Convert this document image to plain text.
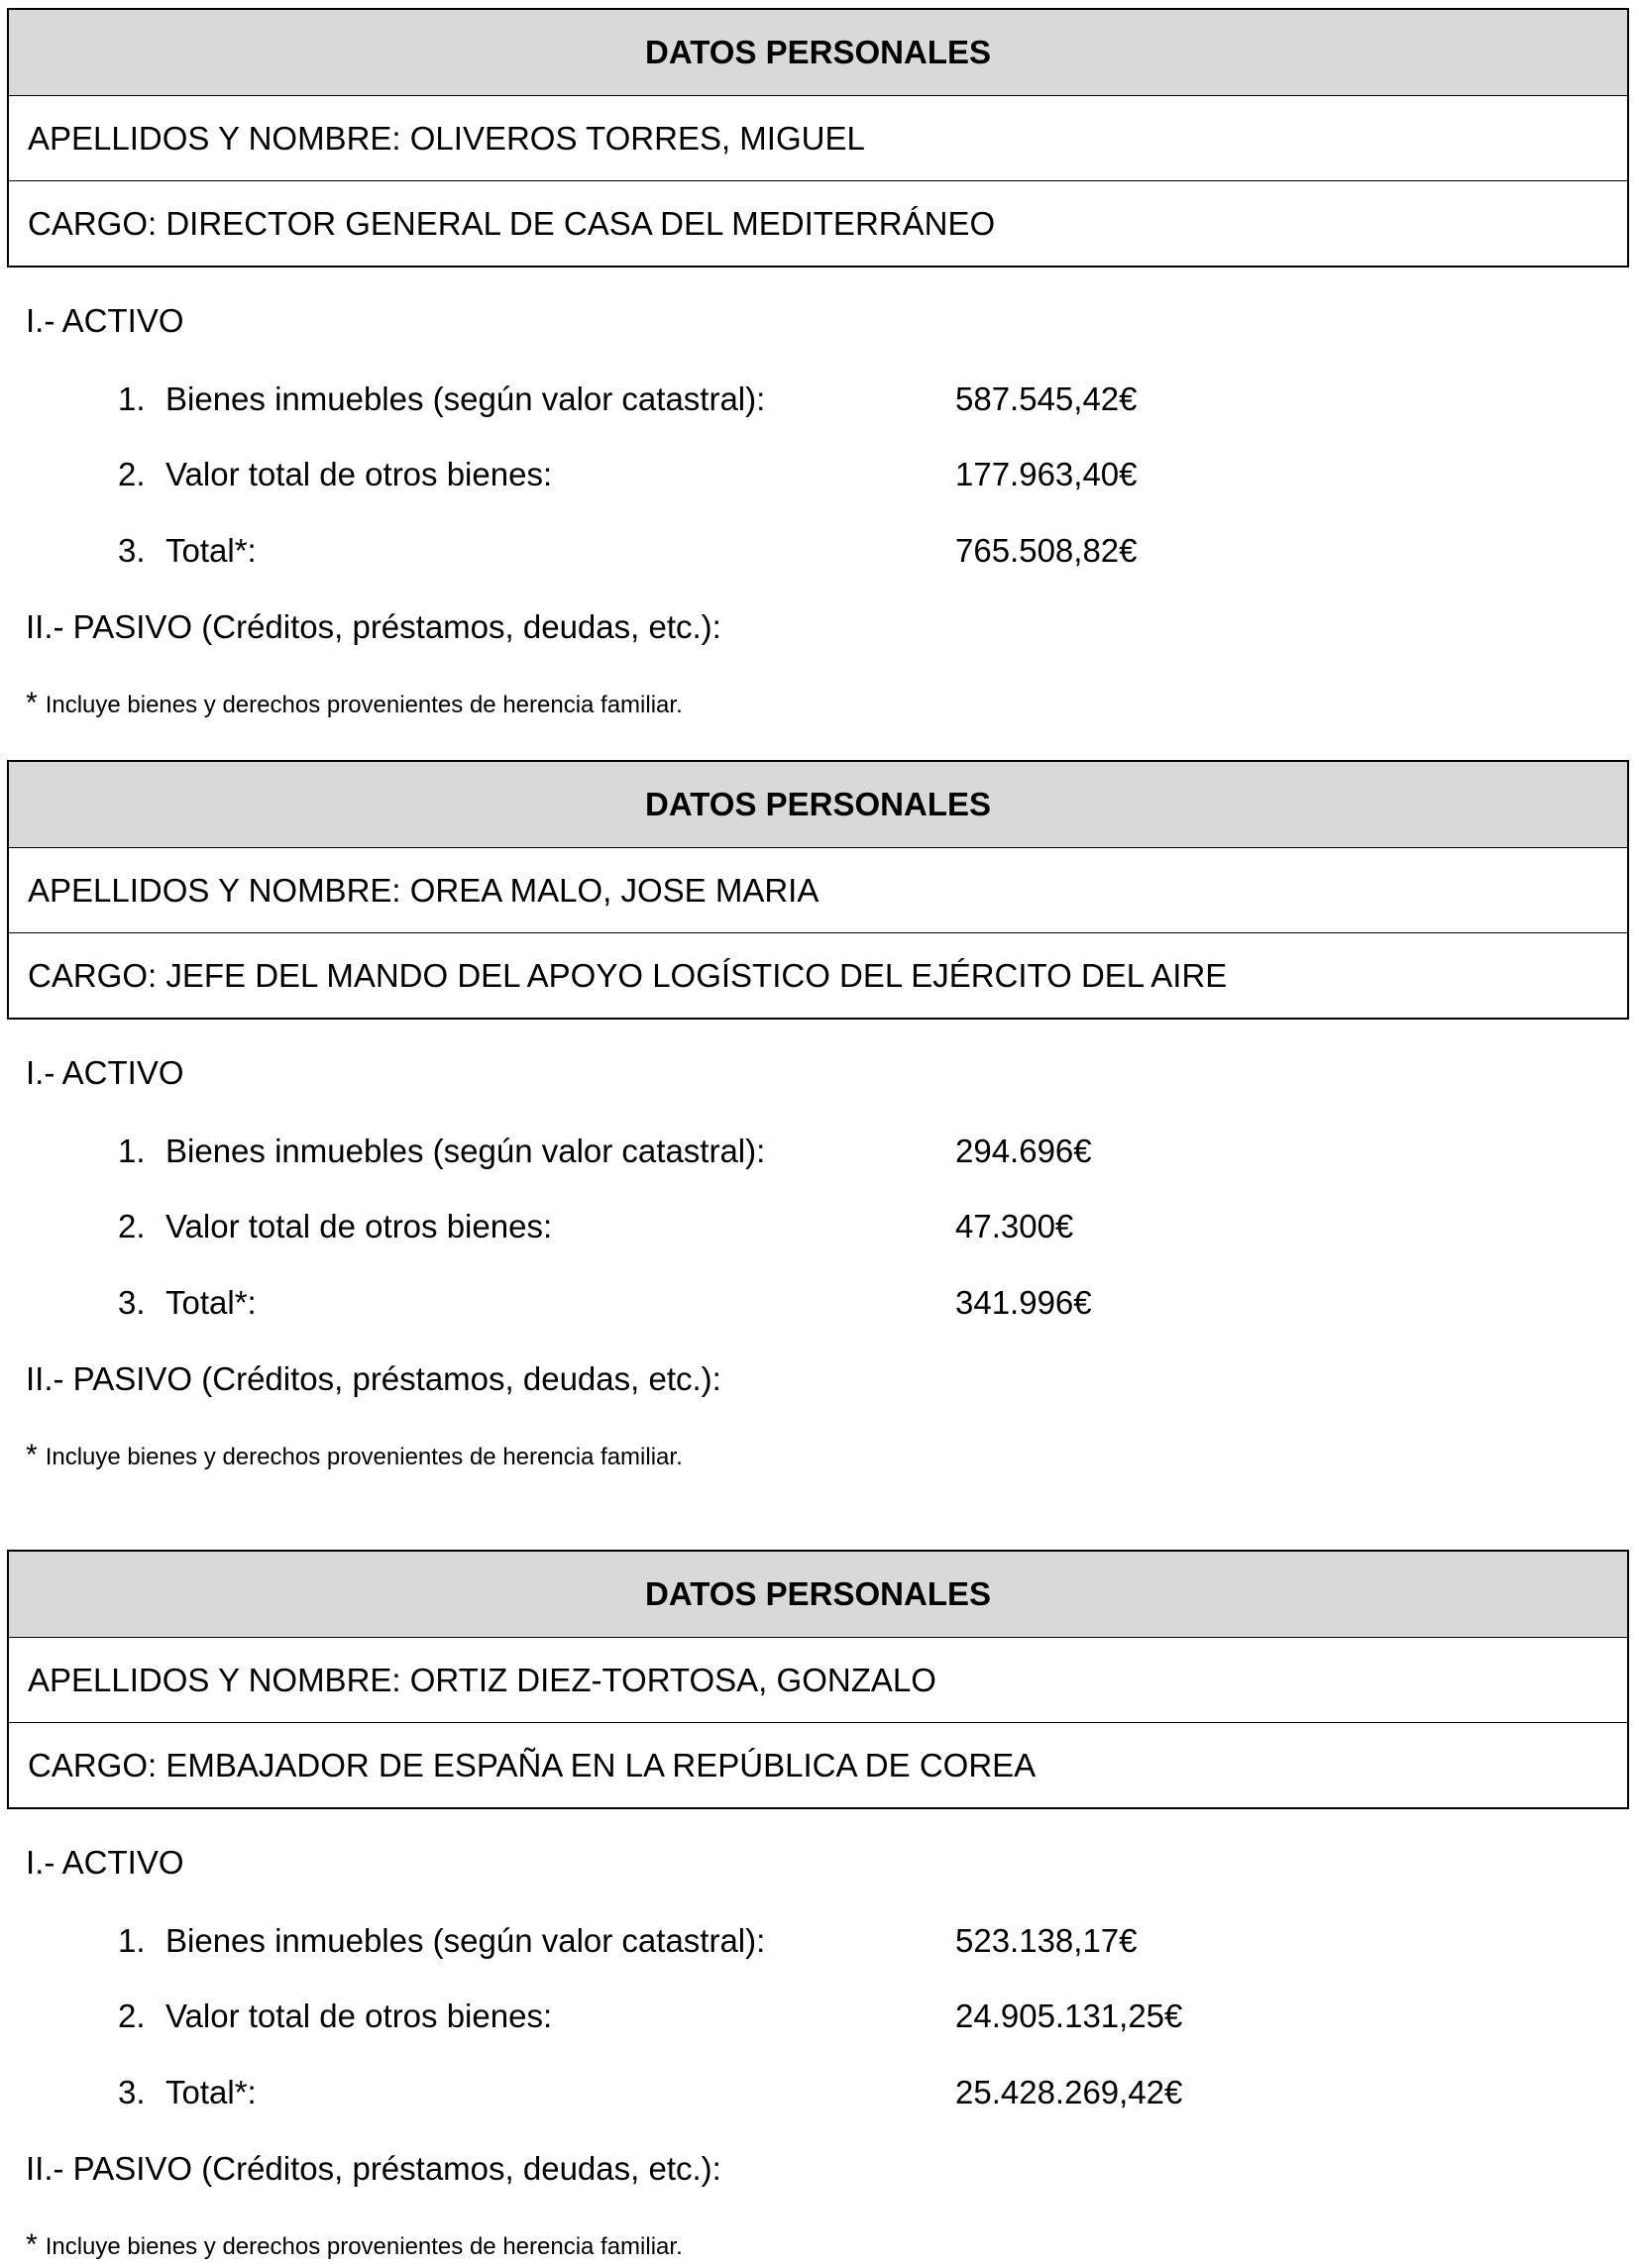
DATOS PERSONALES
APELLIDOS Y NOMBRE: OLIVEROS TORRES, MIGUEL
CARGO: DIRECTOR GENERAL DE CASA DEL MEDITERRÁNEO
I.- ACTIVO
1. Bienes inmuebles (según valor catastral):	587.545,42€
2. Valor total de otros bienes:	177.963,40€
3. Total*:	765.508,82€
II.- PASIVO (Créditos, préstamos, deudas, etc.):
* Incluye bienes y derechos provenientes de herencia familiar.
DATOS PERSONALES
APELLIDOS Y NOMBRE: OREA MALO, JOSE MARIA
CARGO: JEFE DEL MANDO DEL APOYO LOGÍSTICO DEL EJÉRCITO DEL AIRE
I.- ACTIVO
1. Bienes inmuebles (según valor catastral):	294.696€
2. Valor total de otros bienes:	47.300€
3. Total*:	341.996€
II.- PASIVO (Créditos, préstamos, deudas, etc.):
* Incluye bienes y derechos provenientes de herencia familiar.
DATOS PERSONALES
APELLIDOS Y NOMBRE: ORTIZ DIEZ-TORTOSA, GONZALO
CARGO: EMBAJADOR DE ESPAÑA EN LA REPÚBLICA DE COREA
I.- ACTIVO
1. Bienes inmuebles (según valor catastral):	523.138,17€
2. Valor total de otros bienes:	24.905.131,25€
3. Total*:	25.428.269,42€
II.- PASIVO (Créditos, préstamos, deudas, etc.):
* Incluye bienes y derechos provenientes de herencia familiar.
